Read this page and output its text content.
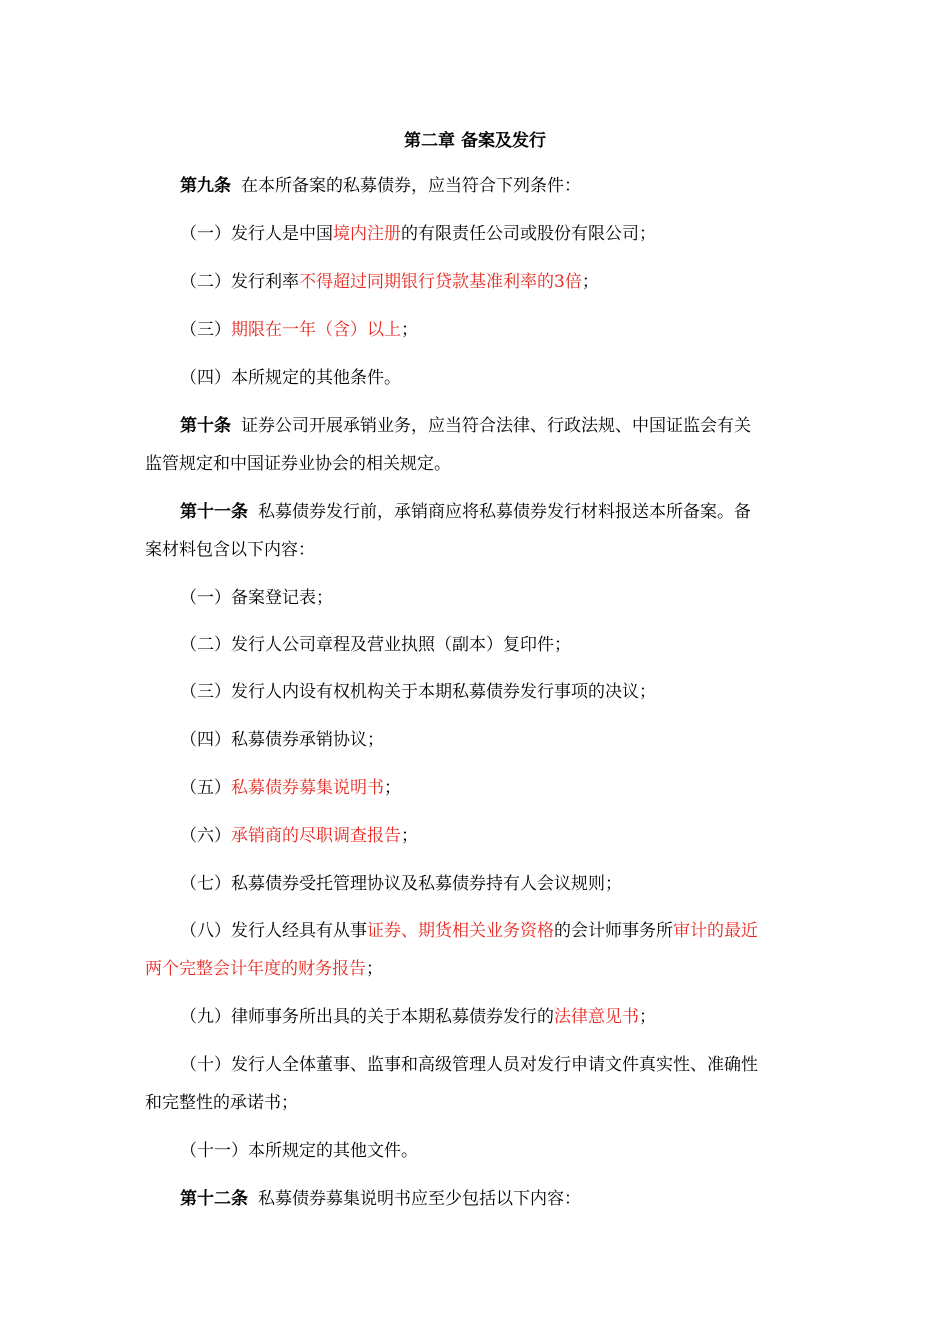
第二章 备案及发行
第九条 在本所备案的私募债券，应当符合下列条件：
（一）发行人是中国境内注册的有限责任公司或股份有限公司；
（二）发行利率不得超过同期银行贷款基准利率的3倍；
（三）期限在一年（含）以上；
（四）本所规定的其他条件。
第十条 证券公司开展承销业务，应当符合法律、行政法规、中国证监会有关
监管规定和中国证券业协会的相关规定。
第十一条 私募债券发行前，承销商应将私募债券发行材料报送本所备案。备
案材料包含以下内容：
（一）备案登记表；
（二）发行人公司章程及营业执照（副本）复印件；
（三）发行人内设有权机构关于本期私募债券发行事项的决议；
（四）私募债券承销协议；
（五）私募债券募集说明书；
（六）承销商的尽职调查报告；
（七）私募债券受托管理协议及私募债券持有人会议规则；
（八）发行人经具有从事证券、期货相关业务资格的会计师事务所审计的最近
两个完整会计年度的财务报告；
（九）律师事务所出具的关于本期私募债券发行的法律意见书；
（十）发行人全体董事、监事和高级管理人员对发行申请文件真实性、准确性
和完整性的承诺书；
（十一）本所规定的其他文件。
第十二条 私募债券募集说明书应至少包括以下内容：
